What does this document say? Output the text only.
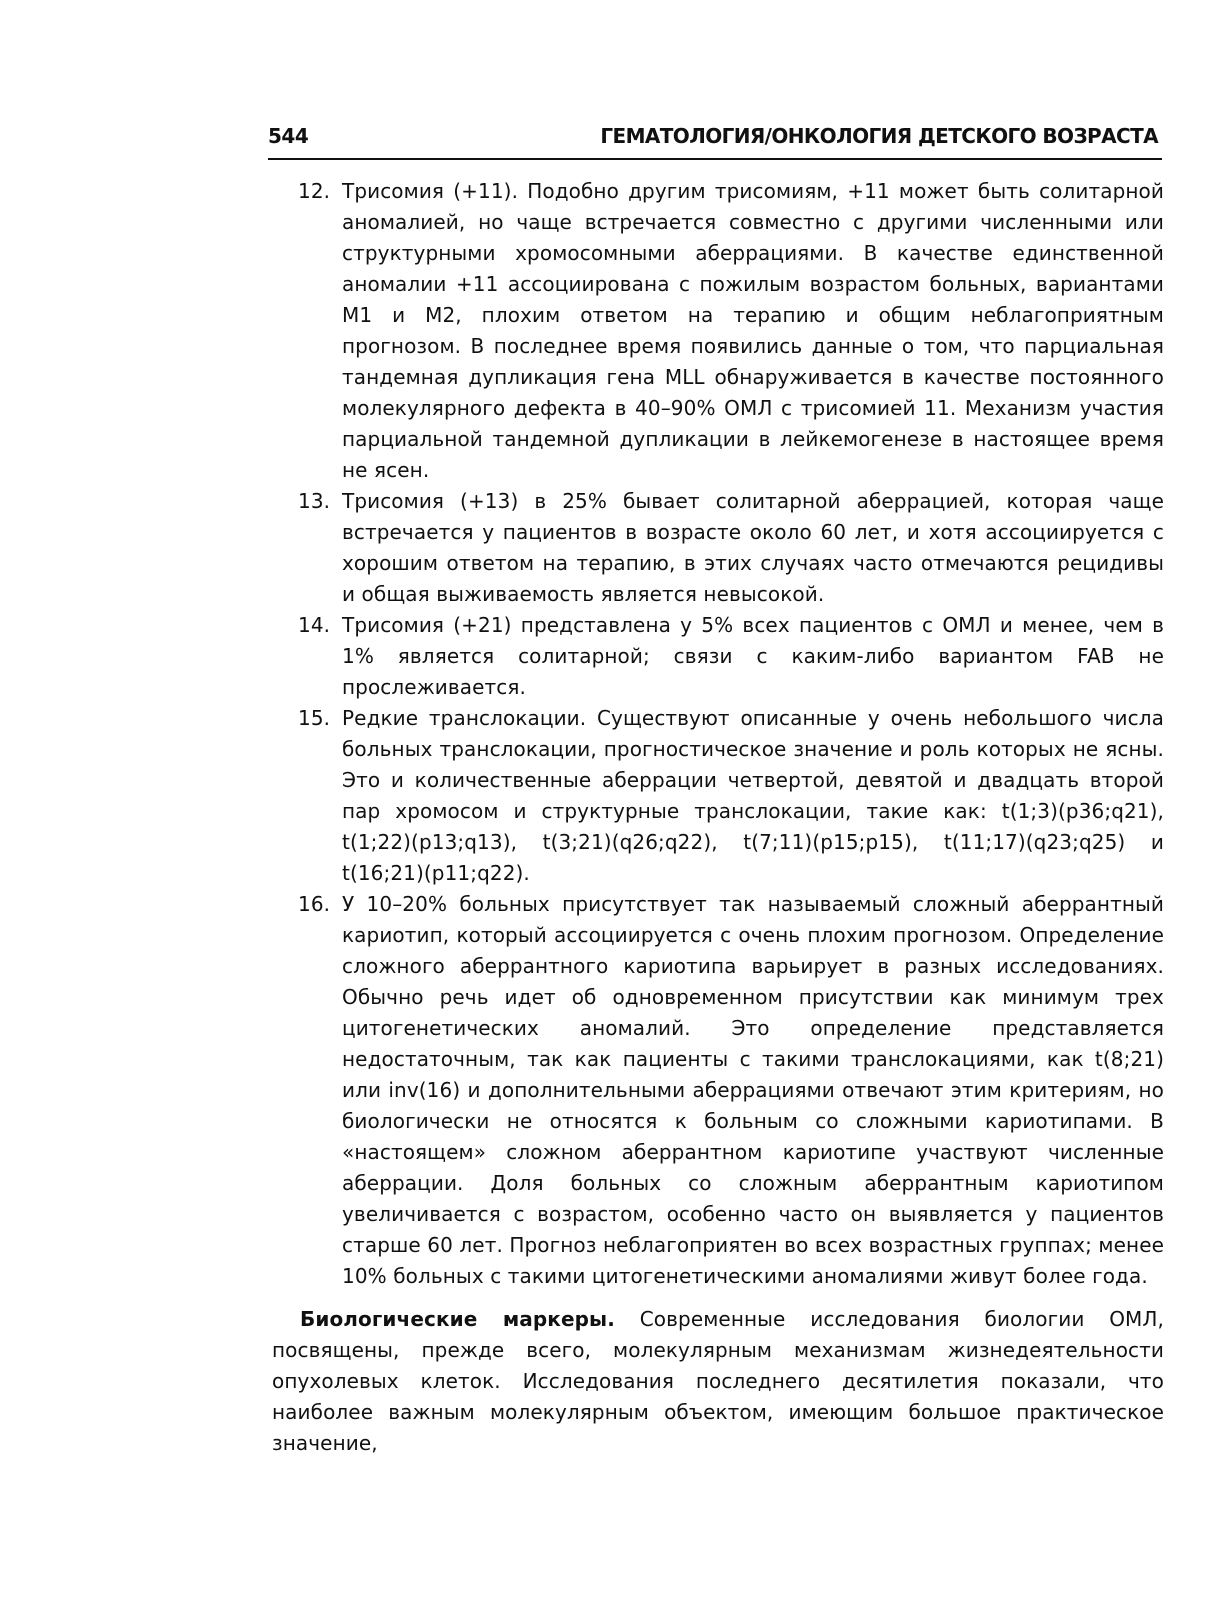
544	ГЕМАТОЛОГИЯ/ОНКОЛОГИЯ ДЕТСКОГО ВОЗРАСТА
12. Трисомия (+11). Подобно другим трисомиям, +11 может быть солитарной аномалией, но чаще встречается совместно с другими численными или структурными хромосомными аберрациями. В качестве единственной аномалии +11 ассоциирована с пожилым возрастом больных, вариантами M1 и M2, плохим ответом на терапию и общим неблагоприятным прогнозом. В последнее время появились данные о том, что парциальная тандемная дупликация гена MLL обнаруживается в качестве постоянного молекулярного дефекта в 40–90% ОМЛ с трисомией 11. Механизм участия парциальной тандемной дупликации в лейкемогенезе в настоящее время не ясен.
13. Трисомия (+13) в 25% бывает солитарной аберрацией, которая чаще встречается у пациентов в возрасте около 60 лет, и хотя ассоциируется с хорошим ответом на терапию, в этих случаях часто отмечаются рецидивы и общая выживаемость является невысокой.
14. Трисомия (+21) представлена у 5% всех пациентов с ОМЛ и менее, чем в 1% является солитарной; связи с каким-либо вариантом FAB не прослеживается.
15. Редкие транслокации. Существуют описанные у очень небольшого числа больных транслокации, прогностическое значение и роль которых не ясны. Это и количественные аберрации четвертой, девятой и двадцать второй пар хромосом и структурные транслокации, такие как: t(1;3)(p36;q21), t(1;22)(p13;q13), t(3;21)(q26;q22), t(7;11)(p15;p15), t(11;17)(q23;q25) и t(16;21)(p11;q22).
16. У 10–20% больных присутствует так называемый сложный аберрантный кариотип, который ассоциируется с очень плохим прогнозом. Определение сложного аберрантного кариотипа варьирует в разных исследованиях. Обычно речь идет об одновременном присутствии как минимум трех цитогенетических аномалий. Это определение представляется недостаточным, так как пациенты с такими транслокациями, как t(8;21) или inv(16) и дополнительными аберрациями отвечают этим критериям, но биологически не относятся к больным со сложными кариотипами. В «настоящем» сложном аберрантном кариотипе участвуют численные аберрации. Доля больных со сложным аберрантным кариотипом увеличивается с возрастом, особенно часто он выявляется у пациентов старше 60 лет. Прогноз неблагоприятен во всех возрастных группах; менее 10% больных с такими цитогенетическими аномалиями живут более года.
Биологические маркеры. Современные исследования биологии ОМЛ, посвящены, прежде всего, молекулярным механизмам жизнедеятельности опухолевых клеток. Исследования последнего десятилетия показали, что наиболее важным молекулярным объектом, имеющим большое практическое значение,
